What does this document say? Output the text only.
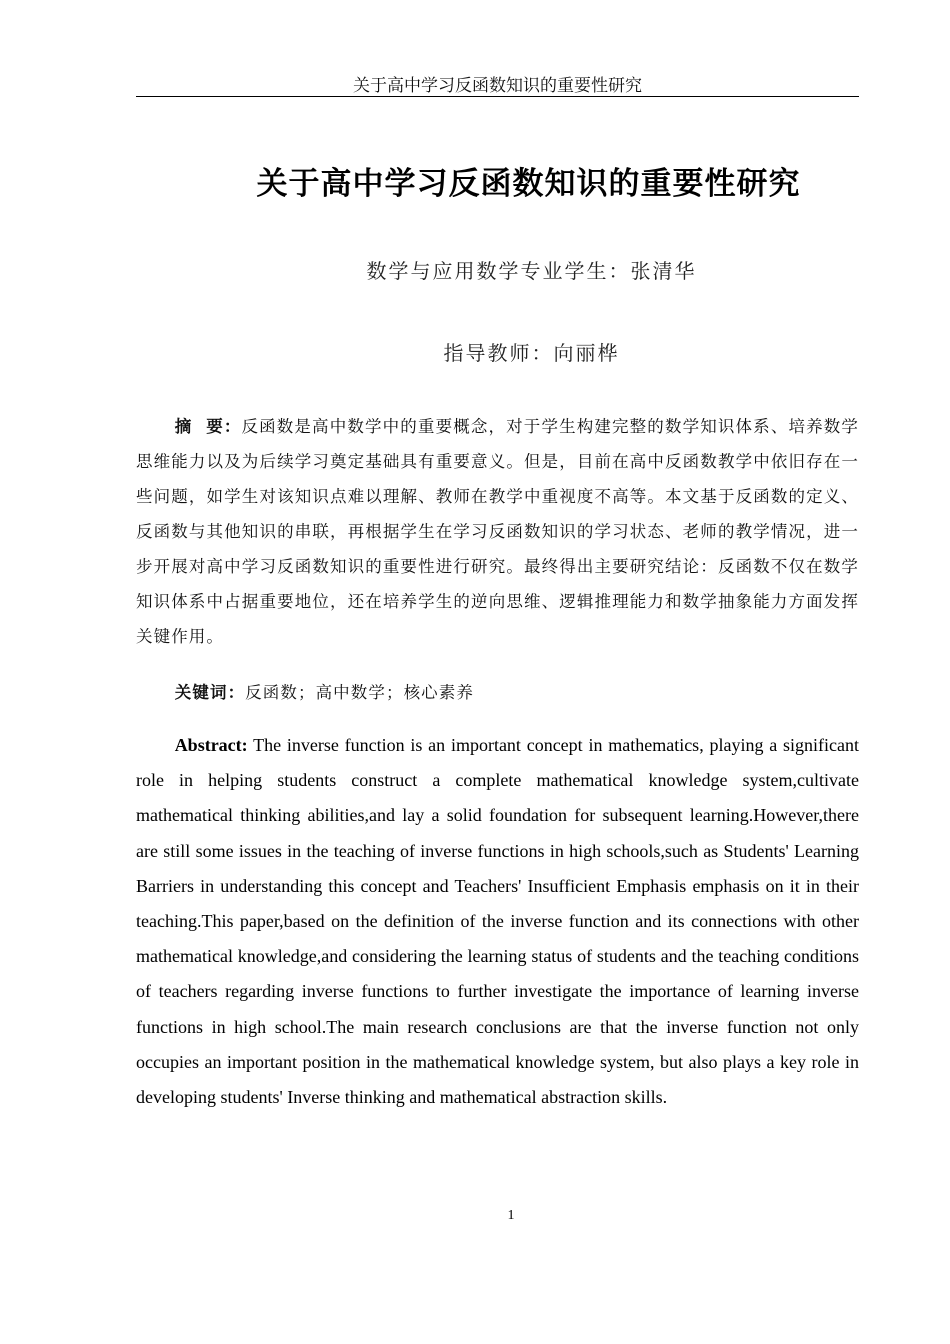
关于高中学习反函数知识的重要性研究
关于高中学习反函数知识的重要性研究
数学与应用数学专业学生：张清华
指导教师：向丽桦
摘  要：反函数是高中数学中的重要概念，对于学生构建完整的数学知识体系、培养数学思维能力以及为后续学习奠定基础具有重要意义。但是，目前在高中反函数教学中依旧存在一些问题，如学生对该知识点难以理解、教师在教学中重视度不高等。本文基于反函数的定义、反函数与其他知识的串联，再根据学生在学习反函数知识的学习状态、老师的教学情况，进一步开展对高中学习反函数知识的重要性进行研究。最终得出主要研究结论：反函数不仅在数学知识体系中占据重要地位，还在培养学生的逆向思维、逻辑推理能力和数学抽象能力方面发挥关键作用。
关键词：反函数；高中数学；核心素养
Abstract: The inverse function is an important concept in mathematics, playing a significant role in helping students construct a complete mathematical knowledge system,cultivate mathematical thinking abilities,and lay a solid foundation for subsequent learning.However,there are still some issues in the teaching of inverse functions in high schools,such as Students' Learning Barriers in understanding this concept and Teachers' Insufficient Emphasis emphasis on it in their teaching.This paper,based on the definition of the inverse function and its connections with other mathematical knowledge,and considering the learning status of students and the teaching conditions of teachers regarding inverse functions to further investigate the importance of learning inverse functions in high school.The main research conclusions are that the inverse function not only occupies an important position in the mathematical knowledge system, but also plays a key role in developing students' Inverse thinking and mathematical abstraction skills.
1
